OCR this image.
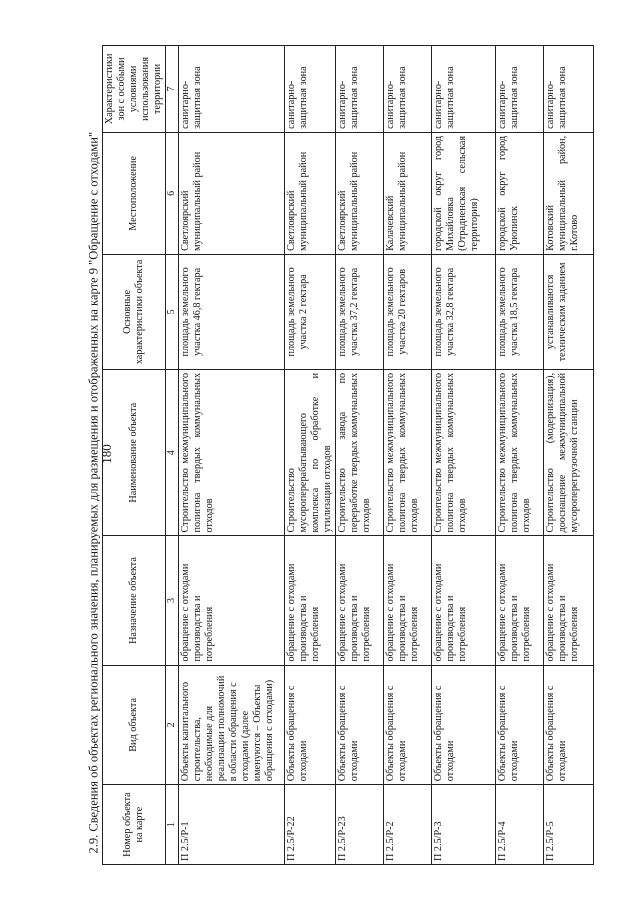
180
2.9. Сведения об объектах регионального значения, планируемых для размещения и отображенных на карте 9 "Обращение с отходами" Номер объекта на карте	Вид объекта	Назначение объекта	Наименование объекта	Основные характеристики объекта	Местоположение	Характеристики зон с особыми условиями использования территории
1	2	3	4	5	6	7
П 2.5/Р-1	Объекты капитального строительства, необходимые для реализации полномочий в области обращения с отходами (далее именуются – Объекты обращения с отходами)	обращение с отходами производства и потребления	Строительство межмуниципального полигона твердых коммунальных отходов	площадь земельного участка 46,8 гектара	Светлоярский муниципальный район	санитарно-защитная зона
П 2.5/Р-22	Объекты обращения с отходами	обращение с отходами производства и потребления	Строительство мусороперерабатывающего комплекса по обработке и утилизации отходов	площадь земельного участка 2 гектара	Светлоярский муниципальный район	санитарно-защитная зона
П 2.5/Р-23	Объекты обращения с отходами	обращение с отходами производства и потребления	Строительство завода по переработке твердых коммунальных отходов	площадь земельного участка 37,2 гектара	Светлоярский муниципальный район	санитарно-защитная зона
П 2.5/Р-2	Объекты обращения с отходами	обращение с отходами производства и потребления	Строительство межмуниципального полигона твердых коммунальных отходов	площадь земельного участка 20 гектаров	Калачевский муниципальный район	санитарно-защитная зона
П 2.5/Р-3	Объекты обращения с отходами	обращение с отходами производства и потребления	Строительство межмуниципального полигона твердых коммунальных отходов	площадь земельного участка 32,8 гектара	городской округ город Михайловка (Отрадненская сельская территория)	санитарно-защитная зона
П 2.5/Р-4	Объекты обращения с отходами	обращение с отходами производства и потребления	Строительство межмуниципального полигона твердых коммунальных отходов	площадь земельного участка 18,5 гектара	городской округ город Урюпинск	санитарно-защитная зона
П 2.5/Р-5	Объекты обращения с отходами	обращение с отходами производства и потребления	Строительство (модернизация), дооснащение межмуниципальной мусороперегрузочной станции	устанавливаются техническим заданием	Котовский муниципальный район, г.Котово	санитарно-защитная зона
